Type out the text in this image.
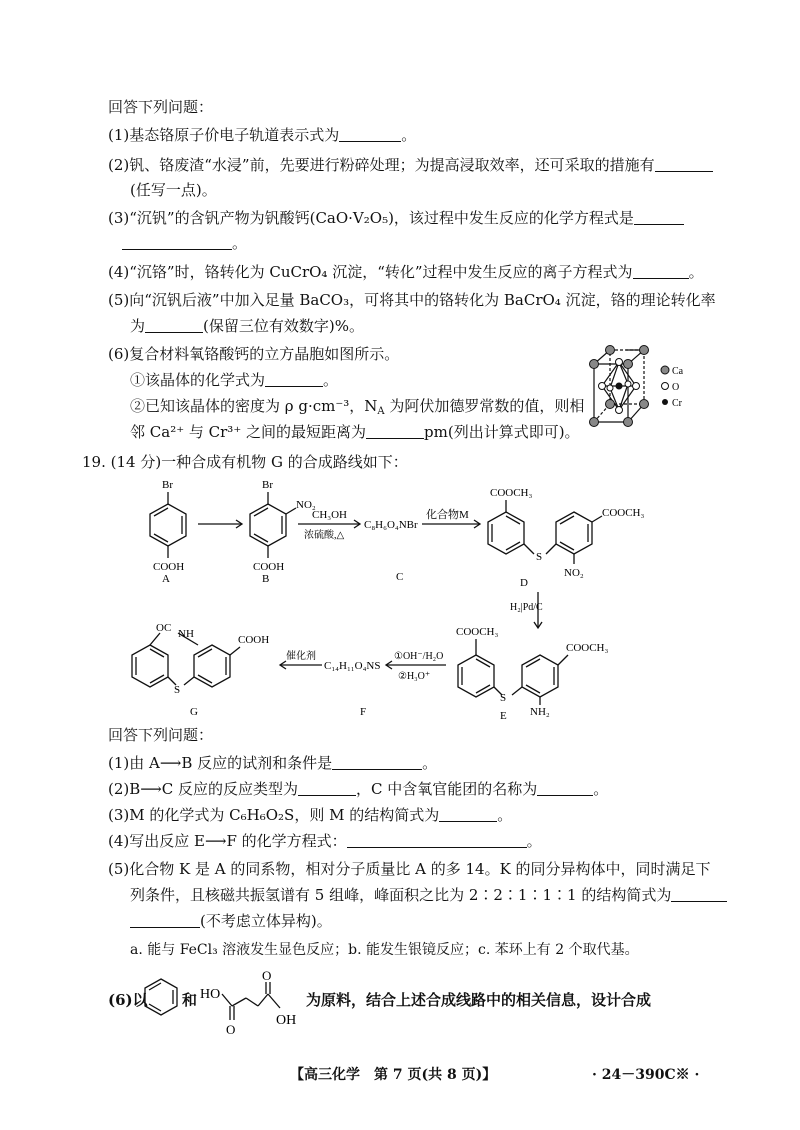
回答下列问题：
(1)基态铬原子价电子轨道表示式为	。
(2)钒、铬废渣“水浸”前，先要进行粉碎处理；为提高浸取效率，还可采取的措施有
(任写一点)。
(3)“沉钒”的含钒产物为钒酸钙(CaO·V₂O₅)，该过程中发生反应的化学方程式是
。
(4)“沉铬”时，铬转化为 CuCrO₄ 沉淀，“转化”过程中发生反应的离子方程式为	。
(5)向“沉钒后液”中加入足量 BaCO₃，可将其中的铬转化为 BaCrO₄ 沉淀，铬的理论转化率
为	(保留三位有效数字)%。
(6)复合材料氧铬酸钙的立方晶胞如图所示。
①该晶体的化学式为	。
②已知该晶体的密度为 ρ g·cm⁻³，$N_A$ 为阿伏加德罗常数的值，则相
邻 Ca²⁺ 与 Cr³⁺ 之间的最短距离为	pm(列出计算式即可)。
Ca
O
Cr
19. (14 分)一种合成有机物 G 的合成路线如下：
Br
COOH
A
Br
NO₂
COOH
B
CH₃OH
浓硫酸,△
C₈H₆O₄NBr
C
化合物M
COOCH₃
S
COOCH₃
NO₂
D
H₂|Pd/C
O C NH
S
COOH
G
催化剂
C₁₄H₁₁O₄NS
F
①OH⁻/H₂O
②H₃O⁺
COOCH₃
S
COOCH₃
NH₂
E
回答下列问题：
(1)由 A⟶B 反应的试剂和条件是	。
(2)B⟶C 反应的反应类型为	，C 中含氧官能团的名称为	。
(3)M 的化学式为 C₆H₆O₂S，则 M 的结构简式为	。
(4)写出反应 E⟶F 的化学方程式：	。
(5)化合物 K 是 A 的同系物，相对分子质量比 A 的多 14。K 的同分异构体中，同时满足下
列条件，且核磁共振氢谱有 5 组峰，峰面积之比为 2∶2∶1∶1∶1 的结构简式为
(不考虑立体异构)。
a. 能与 FeCl₃ 溶液发生显色反应；b. 能发生银镜反应；c. 苯环上有 2 个取代基。
(6)以 和 HO
O
O
OH
为原料，结合上述合成线路中的相关信息，设计合成
【高三化学　第 7 页(共 8 页)】	· 24－390C※ ·
